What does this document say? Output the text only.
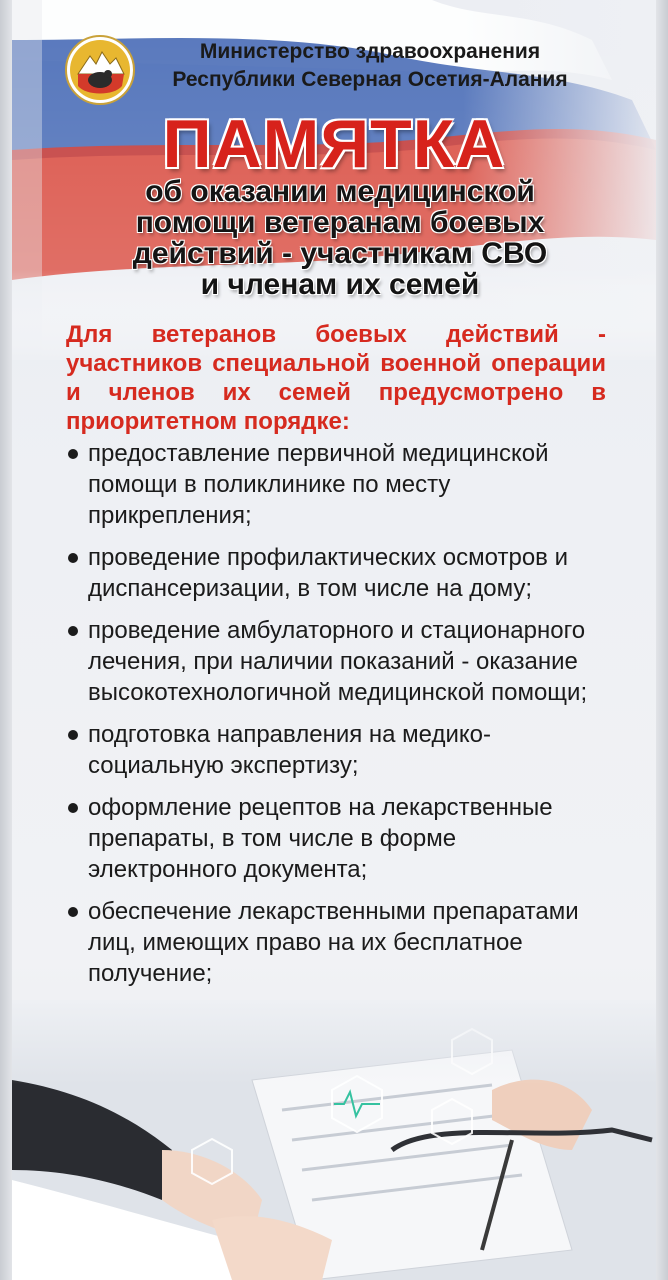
Министерство здравоохранения
Республики Северная Осетия-Алания
ПАМЯТКА
об оказании медицинской
помощи ветеранам боевых
действий - участникам СВО
и членам их семей
Для ветеранов боевых действий - участников специальной военной операции и членов их семей предусмотрено в приоритетном порядке:
предоставление первичной медицинской помощи в поликлинике по месту прикрепления;
проведение профилактических осмотров и диспансеризации, в том числе на дому;
проведение амбулаторного и стационарного лечения, при наличии показаний - оказание высокотехнологичной медицинской помощи;
подготовка направления на медико-социальную экспертизу;
оформление рецептов на лекарственные препараты, в том числе в форме электронного документа;
обеспечение лекарственными препаратами лиц, имеющих право на их бесплатное получение;
